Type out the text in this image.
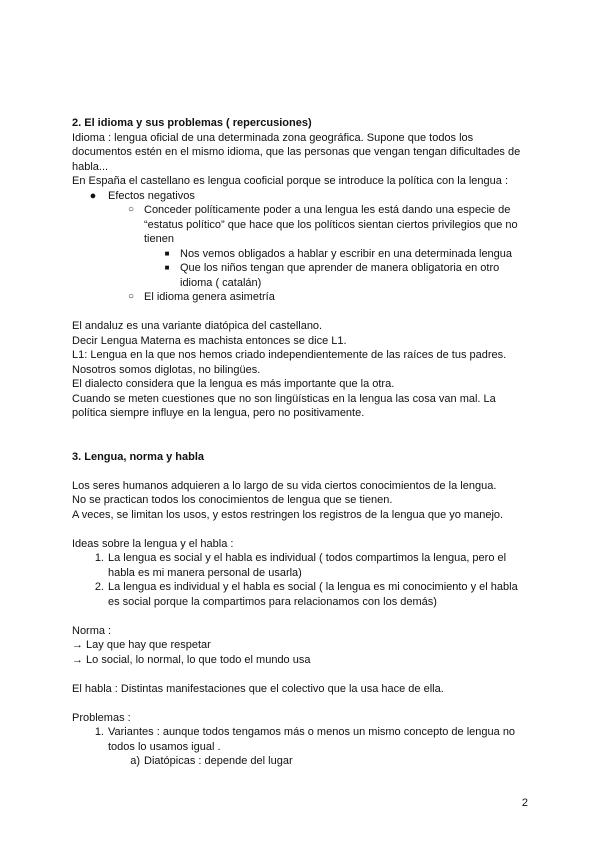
2. El idioma y sus problemas ( repercusiones)

Idioma : lengua oficial de una determinada zona geográfica. Supone que todos los documentos estén en el mismo idioma, que las personas que vengan tengan dificultades de habla...

En España el castellano es lengua cooficial porque se introduce la política con la lengua :

●	Efectos negativos
○ Conceder políticamente poder a una lengua les está dando una especie de “estatus político” que hace que los políticos sientan ciertos privilegios que no tienen
■ Nos vemos obligados a hablar y escribir en una determinada lengua
■ Que los niños tengan que aprender de manera obligatoria en otro idioma ( catalán)
○ El idioma genera asimetría

El andaluz es una variante diatópica del castellano.

Decir Lengua Materna es machista entonces se dice L1.

L1: Lengua en la que nos hemos criado independientemente de las raíces de tus padres.

Nosotros somos diglotas, no bilingües.

El dialecto considera que la lengua es más importante que la otra.

Cuando se meten cuestiones que no son lingüísticas en la lengua las cosa van mal. La política siempre influye en la lengua, pero no positivamente.

3. Lengua, norma y habla

Los seres humanos adquieren a lo largo de su vida ciertos conocimientos de la lengua.

No se practican todos los conocimientos de lengua que se tienen.

A veces, se limitan los usos, y estos restringen los registros de la lengua que yo manejo.

Ideas sobre la lengua y el habla :

1. La lengua es social y el habla es individual ( todos compartimos la lengua, pero el habla es mi manera personal de usarla)
2. La lengua es individual y el habla es social ( la lengua es mi conocimiento y el habla es social porque la compartimos para relacionamos con los demás)

Norma :

→ Lay que hay que respetar

→ Lo social, lo normal, lo que todo el mundo usa

El habla : Distintas manifestaciones que el colectivo que la usa hace de ella.

Problemas :

1. Variantes : aunque todos tengamos más o menos un mismo concepto de lengua no todos lo usamos igual .
a) Diatópicas : depende del lugar
2
